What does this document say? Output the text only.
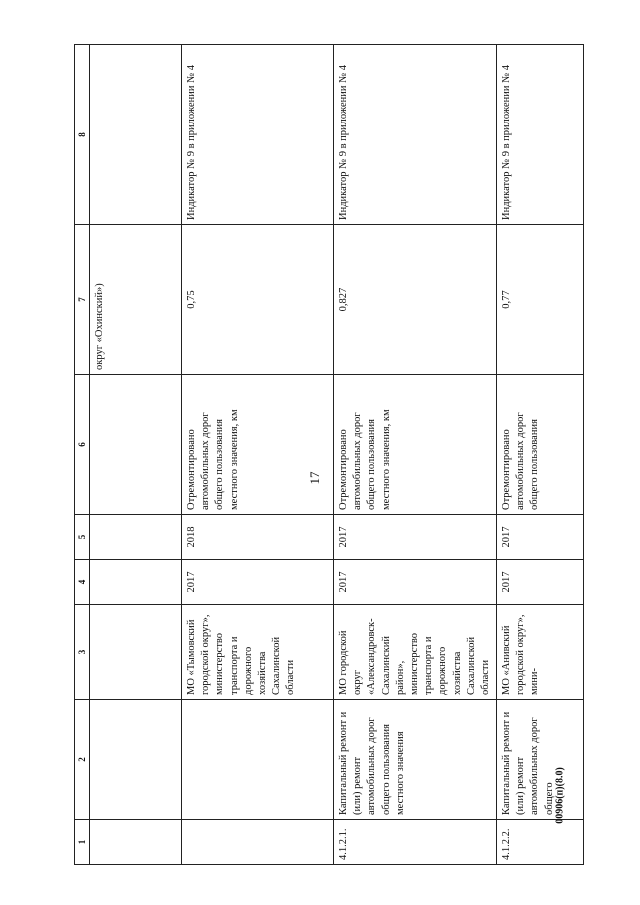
17
1	2	3	4	5	6	7	8
						округ «Охинский»)	
		МО «Тымовский городской округ», министерство транспорта и дорожного хозяйства Сахалинской области	2017	2018	Отремонтировано автомобильных дорог общего пользования местного значения, км	0,75	Индикатор № 9 в приложении № 4
4.1.2.1.	Капитальный ремонт и (или) ремонт автомобильных дорог общего пользования местного значения	МО городской округ «Александровск-Сахалинский район», министерство транспорта и дорожного хозяйства Сахалинской области	2017	2017	Отремонтировано автомобильных дорог общего пользования местного значения, км	0,827	Индикатор № 9 в приложении № 4
4.1.2.2.	Капитальный ремонт и (или) ремонт автомобильных дорог общего	МО «Анивский городской округ», мини-	2017	2017	Отремонтировано автомобильных дорог общего пользования	0,77	Индикатор № 9 в приложении № 4
00906(п)(8.0)
